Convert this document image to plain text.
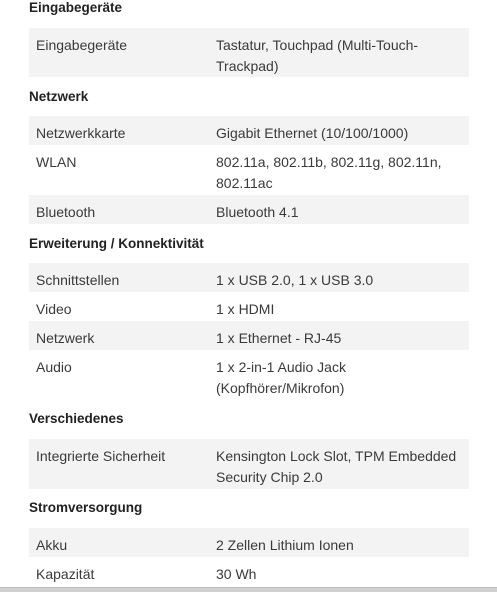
Eingabegeräte
Eingabegeräte	Tastatur, Touchpad (Multi-Touch-Trackpad)
Netzwerk
Netzwerkkarte	Gigabit Ethernet (10/100/1000)
WLAN	802.11a, 802.11b, 802.11g, 802.11n, 802.11ac
Bluetooth	Bluetooth 4.1
Erweiterung / Konnektivität
Schnittstellen	1 x USB 2.0, 1 x USB 3.0
Video	1 x HDMI
Netzwerk	1 x Ethernet - RJ-45
Audio	1 x 2-in-1 Audio Jack (Kopfhörer/Mikrofon)
Verschiedenes
Integrierte Sicherheit	Kensington Lock Slot, TPM Embedded Security Chip 2.0
Stromversorgung
Akku	2 Zellen Lithium Ionen
Kapazität	30 Wh
